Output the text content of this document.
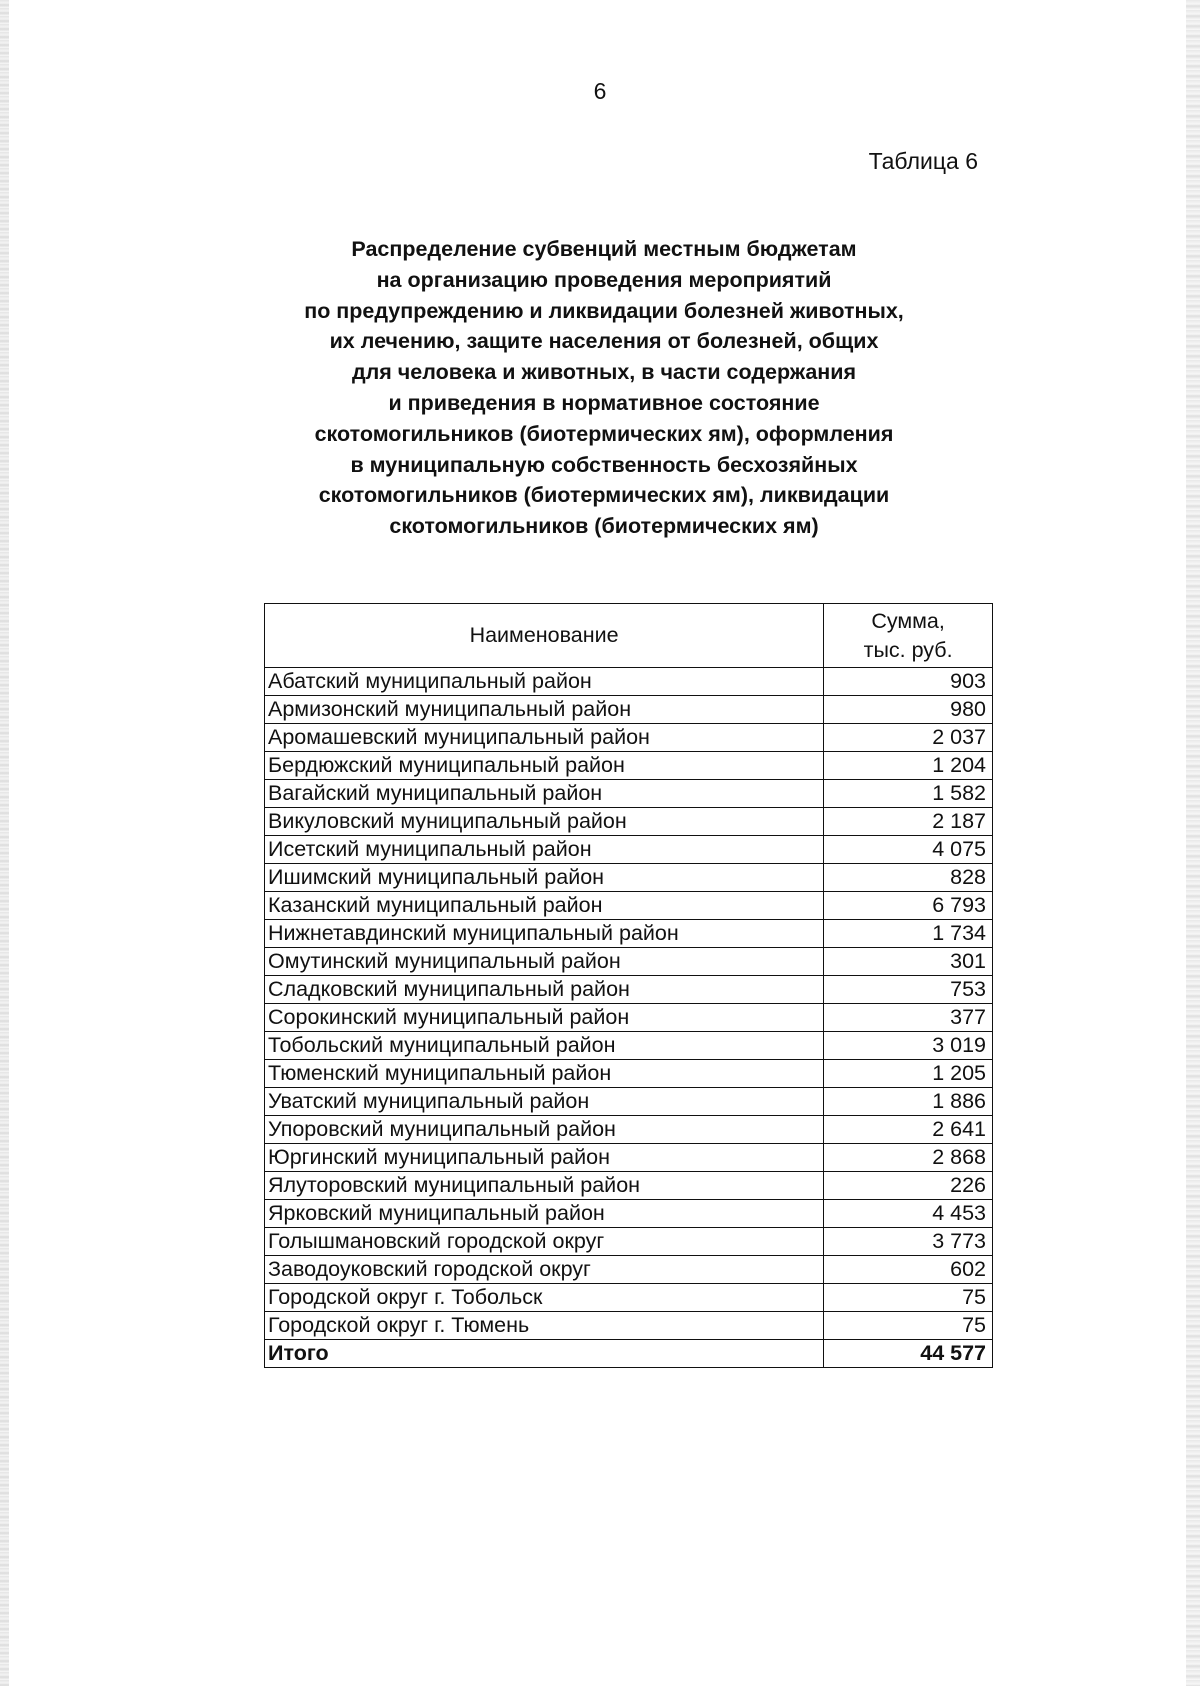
6
Таблица 6
Распределение субвенций местным бюджетам
на организацию проведения мероприятий
по предупреждению и ликвидации болезней животных,
их лечению, защите населения от болезней, общих
для человека и животных, в части содержания
и приведения в нормативное состояние
скотомогильников (биотермических ям), оформления
в муниципальную собственность бесхозяйных
скотомогильников (биотермических ям), ликвидации
скотомогильников (биотермических ям)
Наименование	Сумма,
тыс. руб.

Абатский муниципальный район	903
Армизонский муниципальный район	980
Аромашевский муниципальный район	2 037
Бердюжский муниципальный район	1 204
Вагайский муниципальный район	1 582
Викуловский муниципальный район	2 187
Исетский муниципальный район	4 075
Ишимский муниципальный район	828
Казанский муниципальный район	6 793
Нижнетавдинский муниципальный район	1 734
Омутинский муниципальный район	301
Сладковский муниципальный район	753
Сорокинский муниципальный район	377
Тобольский муниципальный район	3 019
Тюменский муниципальный район	1 205
Уватский муниципальный район	1 886
Упоровский муниципальный район	2 641
Юргинский муниципальный район	2 868
Ялуторовский муниципальный район	226
Ярковский муниципальный район	4 453
Голышмановский городской округ	3 773
Заводоуковский городской округ	602
Городской округ г. Тобольск	75
Городской округ г. Тюмень	75
Итого	44 577
